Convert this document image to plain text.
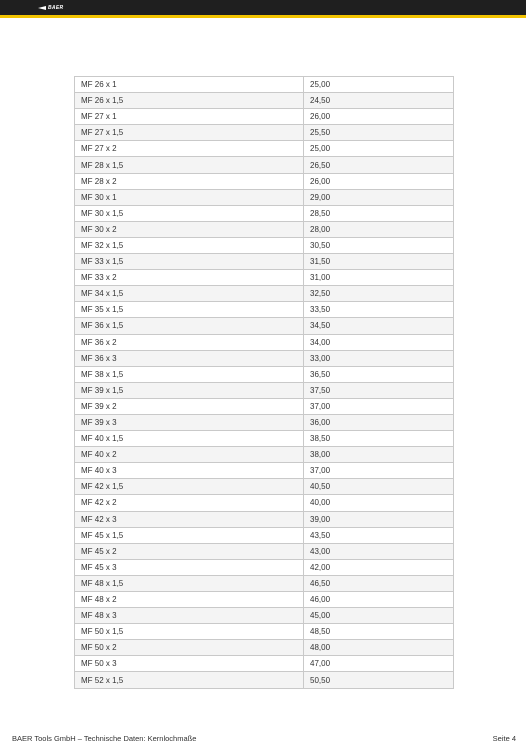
BAER
MF 26 x 1	25,00
MF 26 x 1,5	24,50
MF 27 x 1	26,00
MF 27 x 1,5	25,50
MF 27 x 2	25,00
MF 28 x 1,5	26,50
MF 28 x 2	26,00
MF 30 x 1	29,00
MF 30 x 1,5	28,50
MF 30 x 2	28,00
MF 32 x 1,5	30,50
MF 33 x 1,5	31,50
MF 33 x 2	31,00
MF 34 x 1,5	32,50
MF 35 x 1,5	33,50
MF 36 x 1,5	34,50
MF 36 x 2	34,00
MF 36 x 3	33,00
MF 38 x 1,5	36,50
MF 39 x 1,5	37,50
MF 39 x 2	37,00
MF 39 x 3	36,00
MF 40 x 1,5	38,50
MF 40 x 2	38,00
MF 40 x 3	37,00
MF 42 x 1,5	40,50
MF 42 x 2	40,00
MF 42 x 3	39,00
MF 45 x 1,5	43,50
MF 45 x 2	43,00
MF 45 x 3	42,00
MF 48 x 1,5	46,50
MF 48 x 2	46,00
MF 48 x 3	45,00
MF 50 x 1,5	48,50
MF 50 x 2	48,00
MF 50 x 3	47,00
MF 52 x 1,5	50,50
BAER Tools GmbH – Technische Daten: Kernlochmaße	Seite 4
